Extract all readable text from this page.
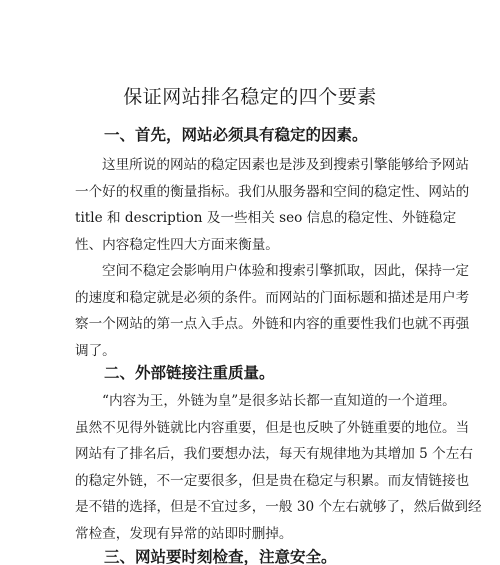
保证网站排名稳定的四个要素
一、首先，网站必须具有稳定的因素。

这里所说的网站的稳定因素也是涉及到搜索引擎能够给予网站
一个好的权重的衡量指标。我们从服务器和空间的稳定性、网站的
title 和 description 及一些相关 seo 信息的稳定性、外链稳定
性、内容稳定性四大方面来衡量。

空间不稳定会影响用户体验和搜索引擎抓取，因此，保持一定
的速度和稳定就是必须的条件。而网站的门面标题和描述是用户考
察一个网站的第一点入手点。外链和内容的重要性我们也就不再强
调了。

二、外部链接注重质量。

“内容为王，外链为皇”是很多站长都一直知道的一个道理。
虽然不见得外链就比内容重要，但是也反映了外链重要的地位。当
网站有了排名后，我们要想办法，每天有规律地为其增加 5 个左右
的稳定外链，不一定要很多，但是贵在稳定与积累。而友情链接也
是不错的选择，但是不宜过多，一般 30 个左右就够了，然后做到经
常检查，发现有异常的站即时删掉。

三、网站要时刻检查，注意安全。
